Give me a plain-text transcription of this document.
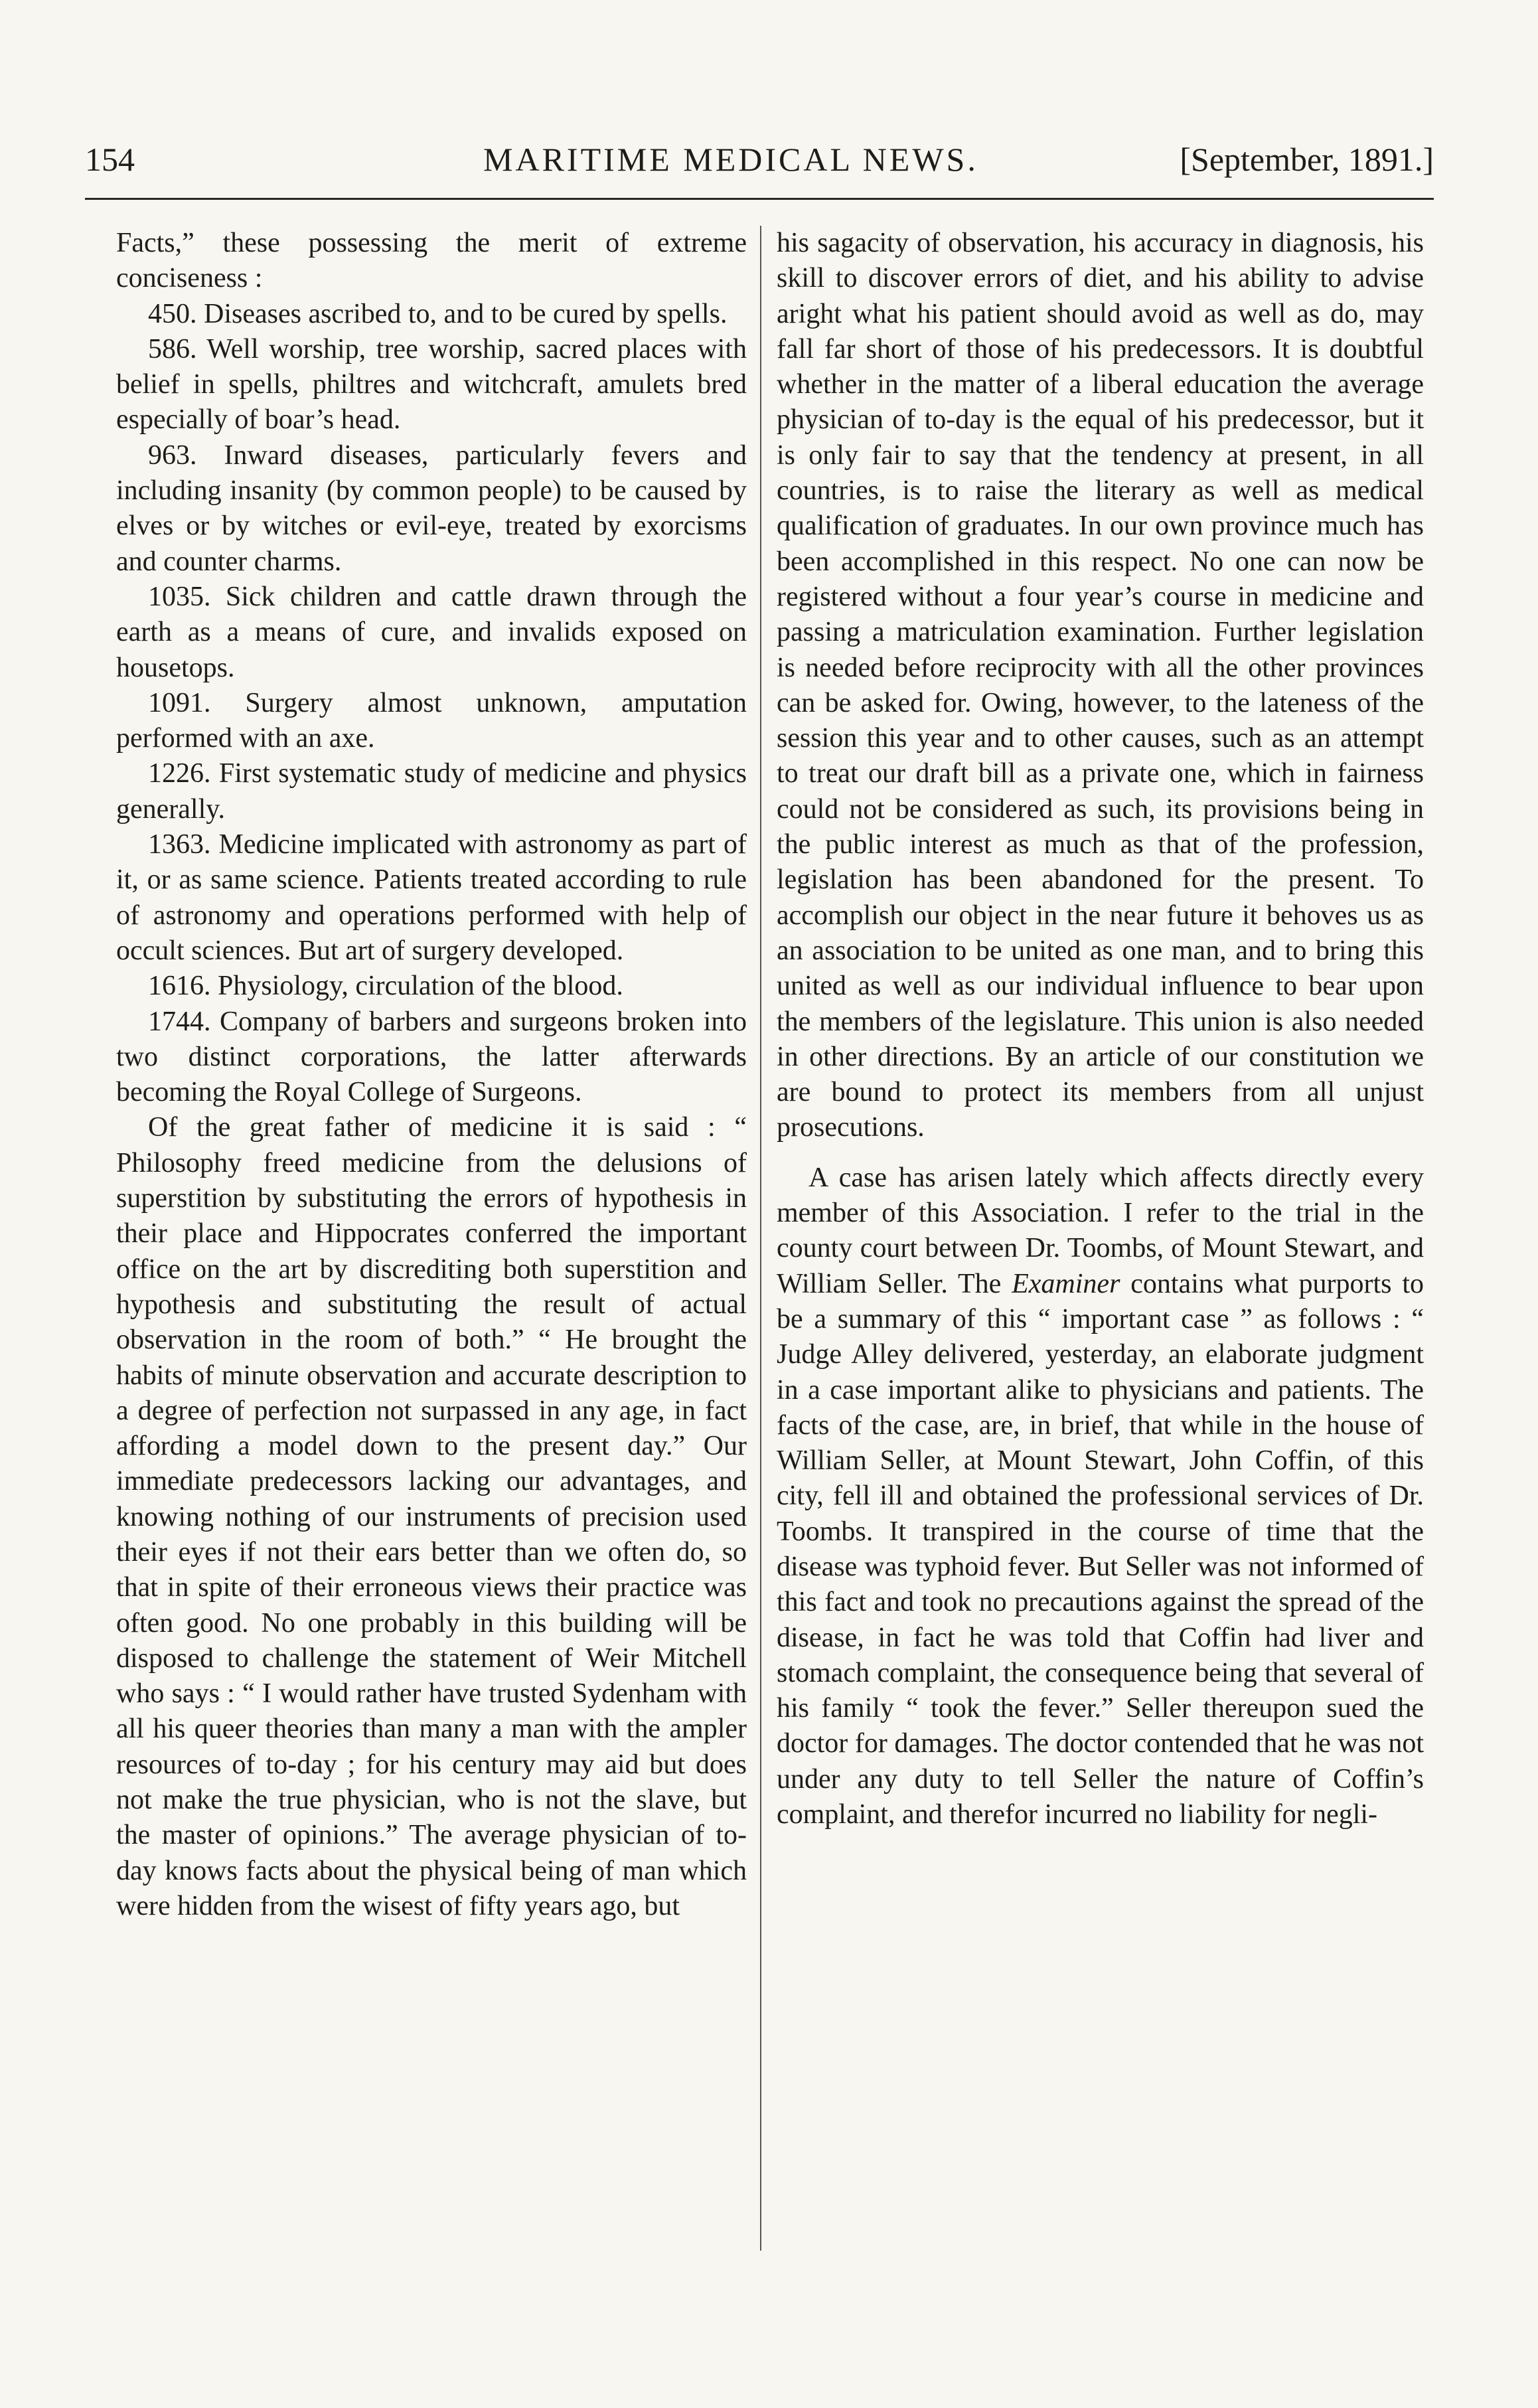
154	MARITIME MEDICAL NEWS.	[September, 1891.]

Facts,” these possessing the merit of extreme conciseness :

450. Diseases ascribed to, and to be cured by spells.

586. Well worship, tree worship, sacred places with belief in spells, philtres and witchcraft, amulets bred especially of boar’s head.

963. Inward diseases, particularly fevers and including insanity (by common people) to be caused by elves or by witches or evil-eye, treated by exorcisms and counter charms.

1035. Sick children and cattle drawn through the earth as a means of cure, and invalids exposed on housetops.

1091. Surgery almost unknown, amputation performed with an axe.

1226. First systematic study of medicine and physics generally.

1363. Medicine implicated with astronomy as part of it, or as same science. Patients treated according to rule of astronomy and operations performed with help of occult sciences. But art of surgery developed.

1616. Physiology, circulation of the blood.

1744. Company of barbers and surgeons broken into two distinct corporations, the latter afterwards becoming the Royal College of Surgeons.

Of the great father of medicine it is said : “ Philosophy freed medicine from the delusions of superstition by substituting the errors of hypothesis in their place and Hippocrates conferred the important office on the art by discrediting both superstition and hypothesis and substituting the result of actual observation in the room of both.” “ He brought the habits of minute observation and accurate description to a degree of perfection not surpassed in any age, in fact affording a model down to the present day.” Our immediate predecessors lacking our advantages, and knowing nothing of our instruments of precision used their eyes if not their ears better than we often do, so that in spite of their erroneous views their practice was often good. No one probably in this building will be disposed to challenge the statement of Weir Mitchell who says : “ I would rather have trusted Sydenham with all his queer theories than many a man with the ampler resources of to-day ; for his century may aid but does not make the true physician, who is not the slave, but the master of opinions.” The average physician of to-day knows facts about the physical being of man which were hidden from the wisest of fifty years ago, but

his sagacity of observation, his accuracy in diagnosis, his skill to discover errors of diet, and his ability to advise aright what his patient should avoid as well as do, may fall far short of those of his predecessors. It is doubtful whether in the matter of a liberal education the average physician of to-day is the equal of his predecessor, but it is only fair to say that the tendency at present, in all countries, is to raise the literary as well as medical qualification of graduates. In our own province much has been accomplished in this respect. No one can now be registered without a four year’s course in medicine and passing a matriculation examination. Further legislation is needed before reciprocity with all the other provinces can be asked for. Owing, however, to the lateness of the session this year and to other causes, such as an attempt to treat our draft bill as a private one, which in fairness could not be considered as such, its provisions being in the public interest as much as that of the profession, legislation has been abandoned for the present. To accomplish our object in the near future it behoves us as an association to be united as one man, and to bring this united as well as our individual influence to bear upon the members of the legislature. This union is also needed in other directions. By an article of our constitution we are bound to protect its members from all unjust prosecutions.

A case has arisen lately which affects directly every member of this Association. I refer to the trial in the county court between Dr. Toombs, of Mount Stewart, and William Seller. The Examiner contains what purports to be a summary of this “ important case ” as follows : “ Judge Alley delivered, yesterday, an elaborate judgment in a case important alike to physicians and patients. The facts of the case, are, in brief, that while in the house of William Seller, at Mount Stewart, John Coffin, of this city, fell ill and obtained the professional services of Dr. Toombs. It transpired in the course of time that the disease was typhoid fever. But Seller was not informed of this fact and took no precautions against the spread of the disease, in fact he was told that Coffin had liver and stomach complaint, the consequence being that several of his family “ took the fever.” Seller thereupon sued the doctor for damages. The doctor contended that he was not under any duty to tell Seller the nature of Coffin’s complaint, and therefor incurred no liability for negli-
